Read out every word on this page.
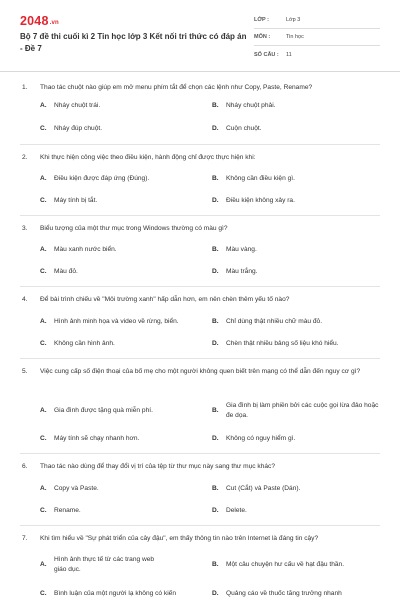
2048.vn
Bộ 7 đề thi cuối kì 2 Tin học lớp 3 Kết nối tri thức có đáp án - Đề 7
LỚP :	Lớp 3
MÔN :	Tin học
SỐ CÂU :	11
1. Thao tác chuột nào giúp em mở menu phím tắt để chọn các lệnh như Copy, Paste, Rename?
A.	Nháy chuột trái.	B.	Nháy chuột phải.
C.	Nháy đúp chuột.	D.	Cuộn chuột.
2. Khi thực hiện công việc theo điều kiện, hành động chỉ được thực hiện khi:
A.	Điều kiện được đáp ứng (Đúng).	B.	Không cần điều kiện gì.
C.	Máy tính bị tắt.	D.	Điều kiện không xảy ra.
3. Biểu tượng của một thư mục trong Windows thường có màu gì?
A.	Màu xanh nước biển.	B.	Màu vàng.
C.	Màu đỏ.	D.	Màu trắng.
4. Để bài trình chiếu về "Môi trường xanh" hấp dẫn hơn, em nên chèn thêm yếu tố nào?
A.	Hình ảnh minh họa và video về rừng, biển.	B.	Chỉ dùng thật nhiều chữ màu đỏ.
C.	Không cần hình ảnh.	D.	Chèn thật nhiều bảng số liệu khó hiểu.
5. Việc cung cấp số điện thoại của bố mẹ cho một người không quen biết trên mạng có thể dẫn đến nguy cơ gì?
A.	Gia đình được tặng quà miễn phí.	B.
Gia đình bị làm phiền bởi các cuộc gọi lừa đảo hoặc đe dọa.
C.	Máy tính sẽ chạy nhanh hơn.	D.	Không có nguy hiểm gì.
6. Thao tác nào dùng để thay đổi vị trí của tệp từ thư mục này sang thư mục khác?
A.	Copy và Paste.	B.	Cut (Cắt) và Paste (Dán).
C.	Rename.	D.	Delete.
7. Khi tìm hiểu về "Sự phát triển của cây đậu", em thấy thông tin nào trên Internet là đáng tin cậy?
A.
Hình ảnh thực tế từ các trang web giáo dục.
B.	Một câu chuyện hư cấu về hạt đậu thần.
C.	Bình luận của một người lạ không có kiến	D.	Quảng cáo về thuốc tăng trưởng nhanh
